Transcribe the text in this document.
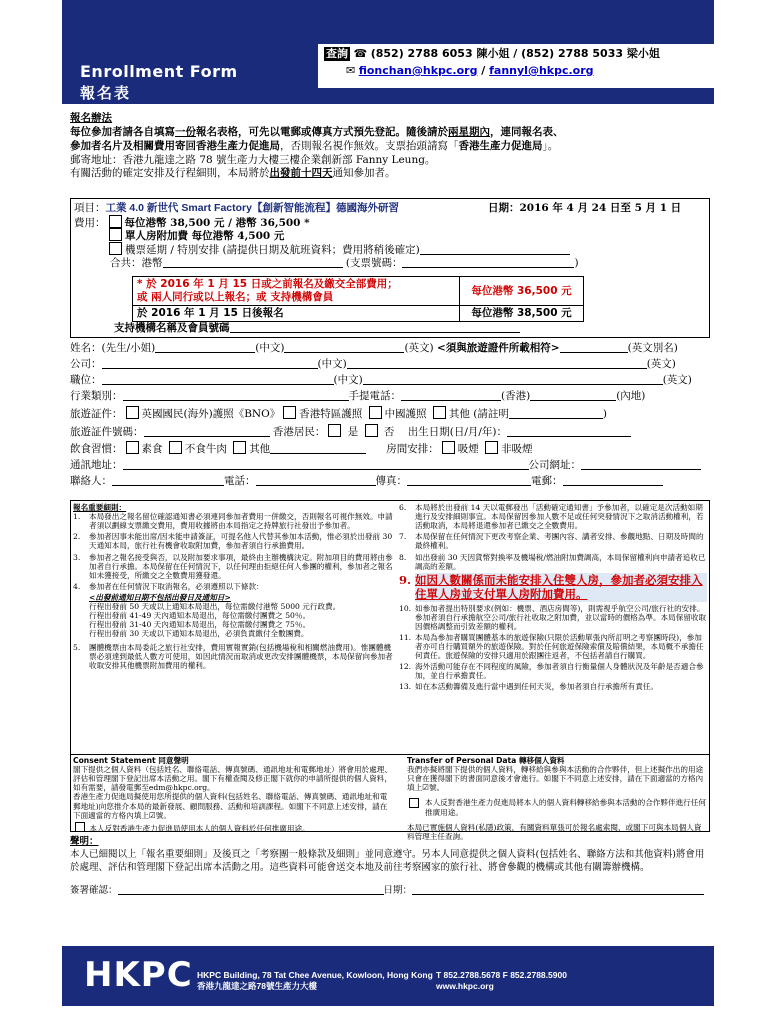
Enrollment Form
報名表
查詢 ☎ (852) 2788 6053 陳小姐 / (852) 2788 5033 梁小姐
✉ fionchan@hkpc.org / fannyl@hkpc.org
報名辦法
每位參加者請各自填寫一份報名表格，可先以電郵或傳真方式預先登記。隨後請於兩星期內，連同報名表、
參加者名片及相關費用寄回香港生產力促進局，否則報名視作無效。支票抬頭請寫「香港生產力促進局」。
郵寄地址：香港九龍達之路 78 號生產力大樓三樓企業創新部 Fanny Leung。
有關活動的確定安排及行程細則，本局將於出發前十四天通知參加者。
項目：工業 4.0 新世代 Smart Factory【創新智能流程】德國海外研習	日期：2016 年 4 月 24 日至 5 月 1 日
費用： 每位港幣 38,500 元 / 港幣 36,500 *
單人房附加費 每位港幣 4,500 元
機票延期 / 特別安排 (請提供日期及航班資料；費用將稍後確定)
合共：港幣	(支票號碼：	)
* 於 2016 年 1 月 15 日或之前報名及繳交全部費用；
或 兩人同行或以上報名；或 支持機構會員	每位港幣 36,500 元
於 2016 年 1 月 15 日後報名	每位港幣 38,500 元
支持機構名稱及會員號碼
姓名：(先生/小姐)	(中文)	(英文) <須與旅遊證件所載相符>	(英文別名)
公司：	(中文)	(英文)
職位：	(中文)	(英文)
行業類別：	手提電話：	(香港)	(內地)
旅遊証件： 英國國民(海外)護照《BNO》 香港特區護照 中國護照 其他 (請註明	)
旅遊証件號碼：	香港居民： 是 否 出生日期(日/月/年)：
飲食習慣： 素食 不食牛肉 其他	房間安排： 吸煙 非吸煙
通訊地址：	公司網址：
聯絡人：	電話：	傳真：	電郵：
報名重要細則：
1.	本局發出之報名留位確認通知書必須連同參加者費用一併繳交，否則報名可視作無效。申請者須以劃線支票繳交費用，費用收據將由本局指定之持牌旅行社發出予參加者。
2.	參加者因事未能出席/因未能申請簽証，可提名他人代替其參加本活動，惟必須於出發前 30 天通知本局，旅行社有機會收取附加費，參加者須自行承擔費用。
3.	參加者之報名接受與否，以及附加要求事項，最終由主辦機構決定。附加項目的費用將由參加者自行承擔。本局保留在任何情況下，以任何理由拒絕任何人參團的權利，參加者之報名如未獲接受，所繳交之全數費用獲發還。
4.	參加者在任何情況下取消報名，必須遵照以下條款：
<出發前通知日期不包括出發日及通知日>
行程出發前 50 天或以上通知本局退出，每位需繳付港幣 5000 元行政費。
行程出發前 41-49 天內通知本局退出，每位需繳付團費之 50％。
行程出發前 31-40 天內通知本局退出，每位需繳付團費之 75％。
行程出發前 30 天或以下通知本局退出，必須負責繳付全數團費。
5.	團體機票由本局委託之旅行社安排，費用實報實銷(包括機場稅和相關燃油費用)。惟團體機票必須達到最低人數方可使用，如因此情況而取消或更改安排團體機票，本局保留向參加者收取安排其他機票附加費用的權利。
6.	本局將於出發前 14 天以電郵發出「活動確定通知書」予參加者，以確定是次活動如期進行及安排細則事宜。本局保留因參加人數不足或任何突發情況下之取消活動權利，若活動取消，本局將退還參加者已繳交之全數費用。
7.	本局保留在任何情況下更改考察企業、考團內容、講者安排、參觀地點、日期及時間的最終權利。
8.	如出發前 30 天因貨幣對換率及機場稅/燃油附加費調高，本局保留權利向申請者追收已調高的差額。
9. 如因人數關係而未能安排入住雙人房，參加者必須安排入住單人房並支付單人房附加費用。
10. 如參加者提出特別要求(例如：機票、酒店房間等)，則需視乎航空公司/旅行社的安排。參加者須自行承擔航空公司/旅行社收取之附加費，並以當時的價格為準。本局保留收取因價格調整而引致差額的權利。
11. 本局為參加者購買團體基本的旅遊保險(只限於活動單張內所訂明之考察團時段)，參加者亦可自行購買額外的旅遊保險。對於任何旅遊保險索償及賠償結果，本局概不承擔任何責任。旅遊保險的安排只適用於跟團往返者，不包括者請自行購買。
12. 海外活動可能存在不同程度的風險，參加者須自行衡量個人身體狀況及年齡是否適合參加，並自行承擔責任。
13. 如在本活動籌備及進行當中遇到任何天災，參加者須自行承擔所有責任。
Consent Statement 同意聲明
閣下提供之個人資料（包括姓名、聯絡電話、傳真號碼、通訊地址和電郵地址）將會用於處理、評估和管理閣下登記出席本活動之用。閣下有權查閱及修正閣下就你的申請所提供的個人資料，如有需要，請發電郵至edm@hkpc.org。
香港生產力促進局擬使用您所提供的個人資料(包括姓名、聯絡電話、傳真號碼、通訊地址和電郵地址)向您推介本局的最新發展、顧問服務、活動和培訓課程。如閣下不同意上述安排，請在下面適當的方格內填上☑號。
本人反對香港生產力促進局使用本人的個人資料於任何推廣用途。
Transfer of Personal Data 轉移個人資料
我們亦擬將閣下提供的個人資料，轉移給與參與本活動的合作夥伴，但上述擬作出的用途只會在獲得閣下的書面同意後才會進行。如閣下不同意上述安排，請在下面適當的方格內填上☑號。
本人反對香港生產力促進局將本人的個人資料轉移給參與本活動的合作夥伴進行任何推廣用途。
本局已實施個人資料(私隱)政策，有關資料單張可於報名處索閱，或閣下可與本局個人資料管理主任查詢。
聲明：
本人已細閱以上「報名重要細則」及後頁之「考察團一般條款及細則」並同意遵守。另本人同意提供之個人資料(包括姓名、聯絡方法和其他資料)將會用於處理、評估和管理閣下登記出席本活動之用。這些資料可能會送交本地及前往考察國家的旅行社、將會參觀的機構或其他有關籌辦機構。
簽署確認：	日期：
HKPC HKPC Building, 78 Tat Chee Avenue, Kowloon, Hong Kong
香港九龍達之路78號生產力大樓
T 852.2788.5678 F 852.2788.5900
www.hkpc.org
